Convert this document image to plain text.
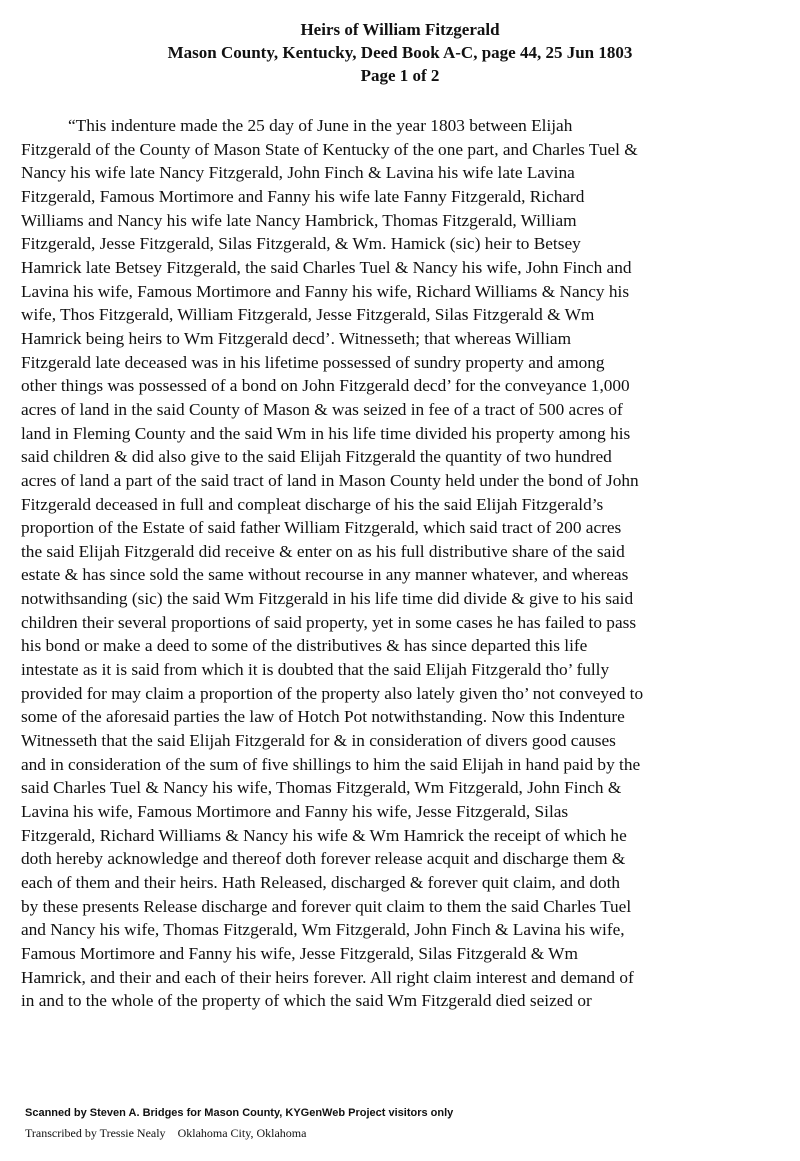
Heirs of William Fitzgerald
Mason County, Kentucky, Deed Book A-C, page 44, 25 Jun 1803
Page 1 of 2
“This indenture made the 25 day of June in the year 1803 between Elijah
Fitzgerald of the County of Mason State of Kentucky of the one part, and Charles Tuel &
Nancy his wife late Nancy Fitzgerald, John Finch & Lavina his wife late Lavina
Fitzgerald, Famous Mortimore and Fanny his wife late Fanny Fitzgerald, Richard
Williams and Nancy his wife late Nancy Hambrick, Thomas Fitzgerald, William
Fitzgerald, Jesse Fitzgerald, Silas Fitzgerald, & Wm. Hamick (sic) heir to Betsey
Hamrick late Betsey Fitzgerald, the said Charles Tuel & Nancy his wife, John Finch and
Lavina his wife, Famous Mortimore and Fanny his wife, Richard Williams & Nancy his
wife, Thos Fitzgerald, William Fitzgerald, Jesse Fitzgerald, Silas Fitzgerald & Wm
Hamrick being heirs to Wm Fitzgerald decd’. Witnesseth; that whereas William
Fitzgerald late deceased was in his lifetime possessed of sundry property and among
other things was possessed of a bond on John Fitzgerald decd’ for the conveyance 1,000
acres of land in the said County of Mason & was seized in fee of a tract of 500 acres of
land in Fleming County and the said Wm in his life time divided his property among his
said children & did also give to the said Elijah Fitzgerald the quantity of two hundred
acres of land a part of the said tract of land in Mason County held under the bond of John
Fitzgerald deceased in full and compleat discharge of his the said Elijah Fitzgerald’s
proportion of the Estate of said father William Fitzgerald, which said tract of 200 acres
the said Elijah Fitzgerald did receive & enter on as his full distributive share of the said
estate & has since sold the same without recourse in any manner whatever, and whereas
notwithsanding (sic) the said Wm Fitzgerald in his life time did divide & give to his said
children their several proportions of said property, yet in some cases he has failed to pass
his bond or make a deed to some of the distributives & has since departed this life
intestate as it is said from which it is doubted that the said Elijah Fitzgerald tho’ fully
provided for may claim a proportion of the property also lately given tho’ not conveyed to
some of the aforesaid parties the law of Hotch Pot notwithstanding. Now this Indenture
Witnesseth that the said Elijah Fitzgerald for & in consideration of divers good causes
and in consideration of the sum of five shillings to him the said Elijah in hand paid by the
said Charles Tuel & Nancy his wife, Thomas Fitzgerald, Wm Fitzgerald, John Finch &
Lavina his wife, Famous Mortimore and Fanny his wife, Jesse Fitzgerald, Silas
Fitzgerald, Richard Williams & Nancy his wife & Wm Hamrick the receipt of which he
doth hereby acknowledge and thereof doth forever release acquit and discharge them &
each of them and their heirs. Hath Released, discharged & forever quit claim, and doth
by these presents Release discharge and forever quit claim to them the said Charles Tuel
and Nancy his wife, Thomas Fitzgerald, Wm Fitzgerald, John Finch & Lavina his wife,
Famous Mortimore and Fanny his wife, Jesse Fitzgerald, Silas Fitzgerald & Wm
Hamrick, and their and each of their heirs forever. All right claim interest and demand of
in and to the whole of the property of which the said Wm Fitzgerald died seized or
Scanned by Steven A. Bridges for Mason County, KYGenWeb Project visitors only
Transcribed by Tressie Nealy Oklahoma City, Oklahoma
